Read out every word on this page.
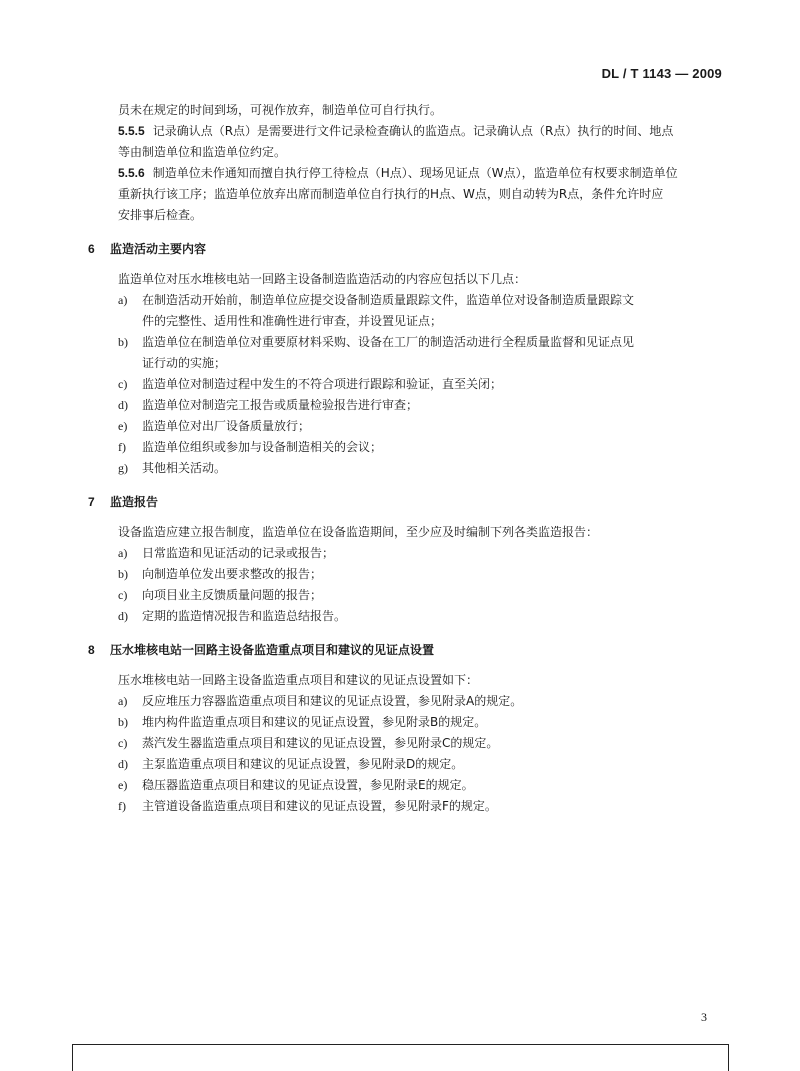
DL / T 1143 — 2009
员未在规定的时间到场，可视作放弃，制造单位可自行执行。
5.5.5 记录确认点（R点）是需要进行文件记录检查确认的监造点。记录确认点（R点）执行的时间、地点
等由制造单位和监造单位约定。
5.5.6 制造单位未作通知而擅自执行停工待检点（H点）、现场见证点（W点），监造单位有权要求制造单位
重新执行该工序；监造单位放弃出席而制造单位自行执行的H点、W点，则自动转为R点，条件允许时应
安排事后检查。
6 监造活动主要内容
监造单位对压水堆核电站一回路主设备制造监造活动的内容应包括以下几点：
a)	在制造活动开始前，制造单位应提交设备制造质量跟踪文件，监造单位对设备制造质量跟踪文
件的完整性、适用性和准确性进行审查，并设置见证点；
b)	监造单位在制造单位对重要原材料采购、设备在工厂的制造活动进行全程质量监督和见证点见
证行动的实施；
c)	监造单位对制造过程中发生的不符合项进行跟踪和验证，直至关闭；
d)	监造单位对制造完工报告或质量检验报告进行审查；
e)	监造单位对出厂设备质量放行；
f)	监造单位组织或参加与设备制造相关的会议；
g)	其他相关活动。
7 监造报告
设备监造应建立报告制度，监造单位在设备监造期间，至少应及时编制下列各类监造报告：
a)	日常监造和见证活动的记录或报告；
b)	向制造单位发出要求整改的报告；
c)	向项目业主反馈质量问题的报告；
d)	定期的监造情况报告和监造总结报告。
8 压水堆核电站一回路主设备监造重点项目和建议的见证点设置
压水堆核电站一回路主设备监造重点项目和建议的见证点设置如下：
a)	反应堆压力容器监造重点项目和建议的见证点设置，参见附录A的规定。
b)	堆内构件监造重点项目和建议的见证点设置，参见附录B的规定。
c)	蒸汽发生器监造重点项目和建议的见证点设置，参见附录C的规定。
d)	主泵监造重点项目和建议的见证点设置，参见附录D的规定。
e)	稳压器监造重点项目和建议的见证点设置，参见附录E的规定。
f)	主管道设备监造重点项目和建议的见证点设置，参见附录F的规定。
3
